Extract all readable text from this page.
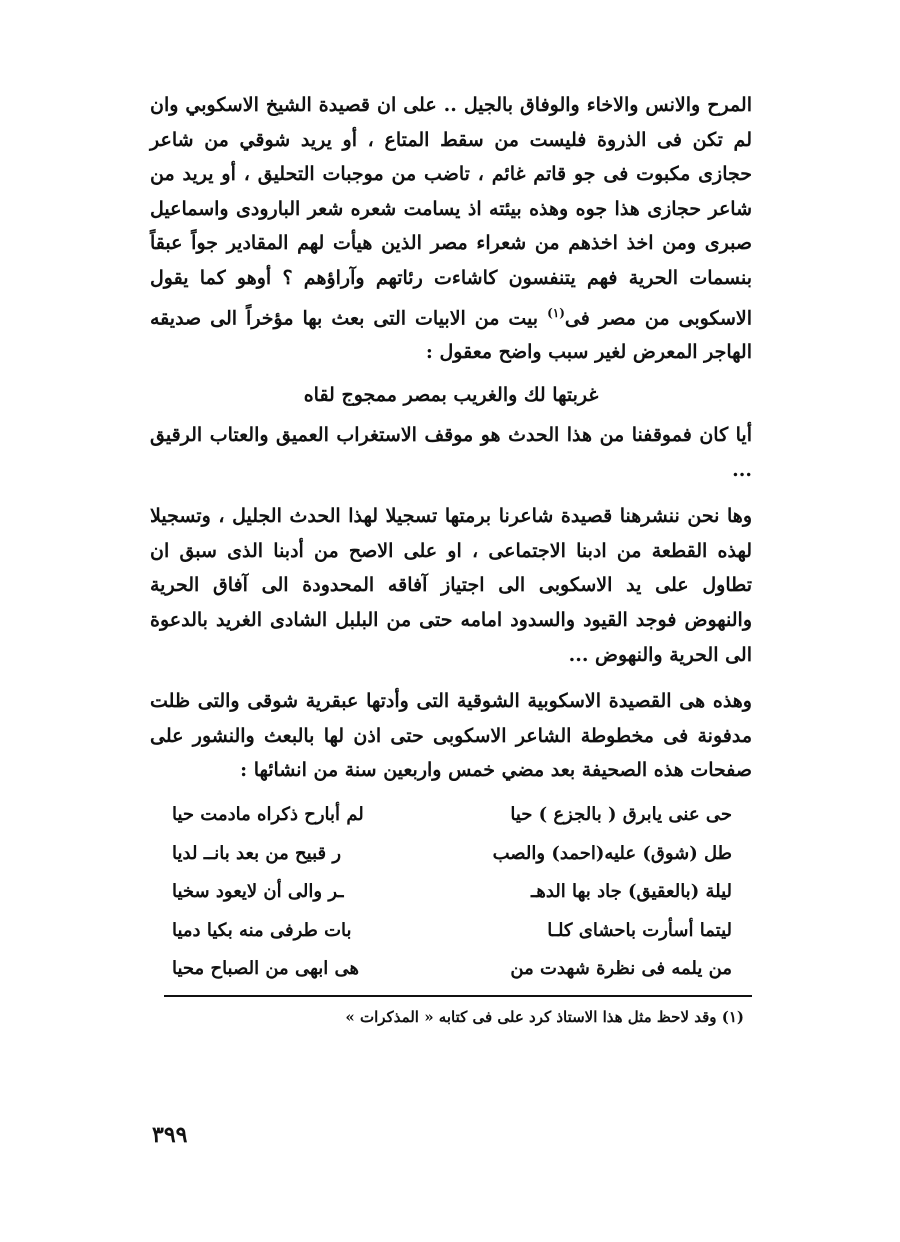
المرح والانس والاخاء والوفاق بالجيل .. على ان قصيدة الشيخ الاسكوبي وان لم تكن فى الذروة فليست من سقط المتاع ، أو يريد شوقي من شاعر حجازى مكبوت فى جو قاتم غائم ، تاضب من موجبات التحليق ، أو يريد من شاعر حجازى هذا جوه وهذه بيئته اذ يسامت شعره شعر البارودى واسماعيل صبرى ومن اخذ اخذهم من شعراء مصر الذين هيأت لهم المقادير جواً عبقاً بنسمات الحرية فهم يتنفسون كاشاءت رئاتهم وآراؤهم ؟ أوهو كما يقول الاسكوبى من مصر فى$^{(١)}$ بيت من الابيات التى بعث بها مؤخراً الى صديقه الهاجر المعرض لغير سبب واضح معقول :

غربتها لك والغريب بمصر ممجوج لقاه

أيا كان فموقفنا من هذا الحدث هو موقف الاستغراب العميق والعتاب الرقيق ...

وها نحن ننشرهنا قصيدة شاعرنا برمتها تسجيلا لهذا الحدث الجليل ، وتسجيلا لهذه القطعة من ادبنا الاجتماعى ، او على الاصح من أدبنا الذى سبق ان تطاول على يد الاسكوبى الى اجتياز آفاقه المحدودة الى آفاق الحرية والنهوض فوجد القيود والسدود امامه حتى من البلبل الشادى الغريد بالدعوة الى الحرية والنهوض ...

وهذه هى القصيدة الاسكوبية الشوقية التى وأدتها عبقرية شوقى والتى ظلت مدفونة فى مخطوطة الشاعر الاسكوبى حتى اذن لها بالبعث والنشور على صفحات هذه الصحيفة بعد مضي خمس واربعين سنة من انشائها :

حى عنى يابرق ( بالجزع ) حيا
لم أبارح ذكراه مادمت حيا
طل (شوق) عليه(احمد) والصب
ر قبيح من بعد بانــ لديا
ليلة (بالعقيق) جاد بها الدهـ
ـر والى أن لايعود سخيا
ليتما أسأرت باحشاى كلـا
بات طرفى منه بكيا دميا
من يلمه فى نظرة شهدت من
هى ابهى من الصباح محيا
(١) وقد لاحظ مثل هذا الاستاذ كرد على فى كتابه « المذكرات »
٣٩٩
